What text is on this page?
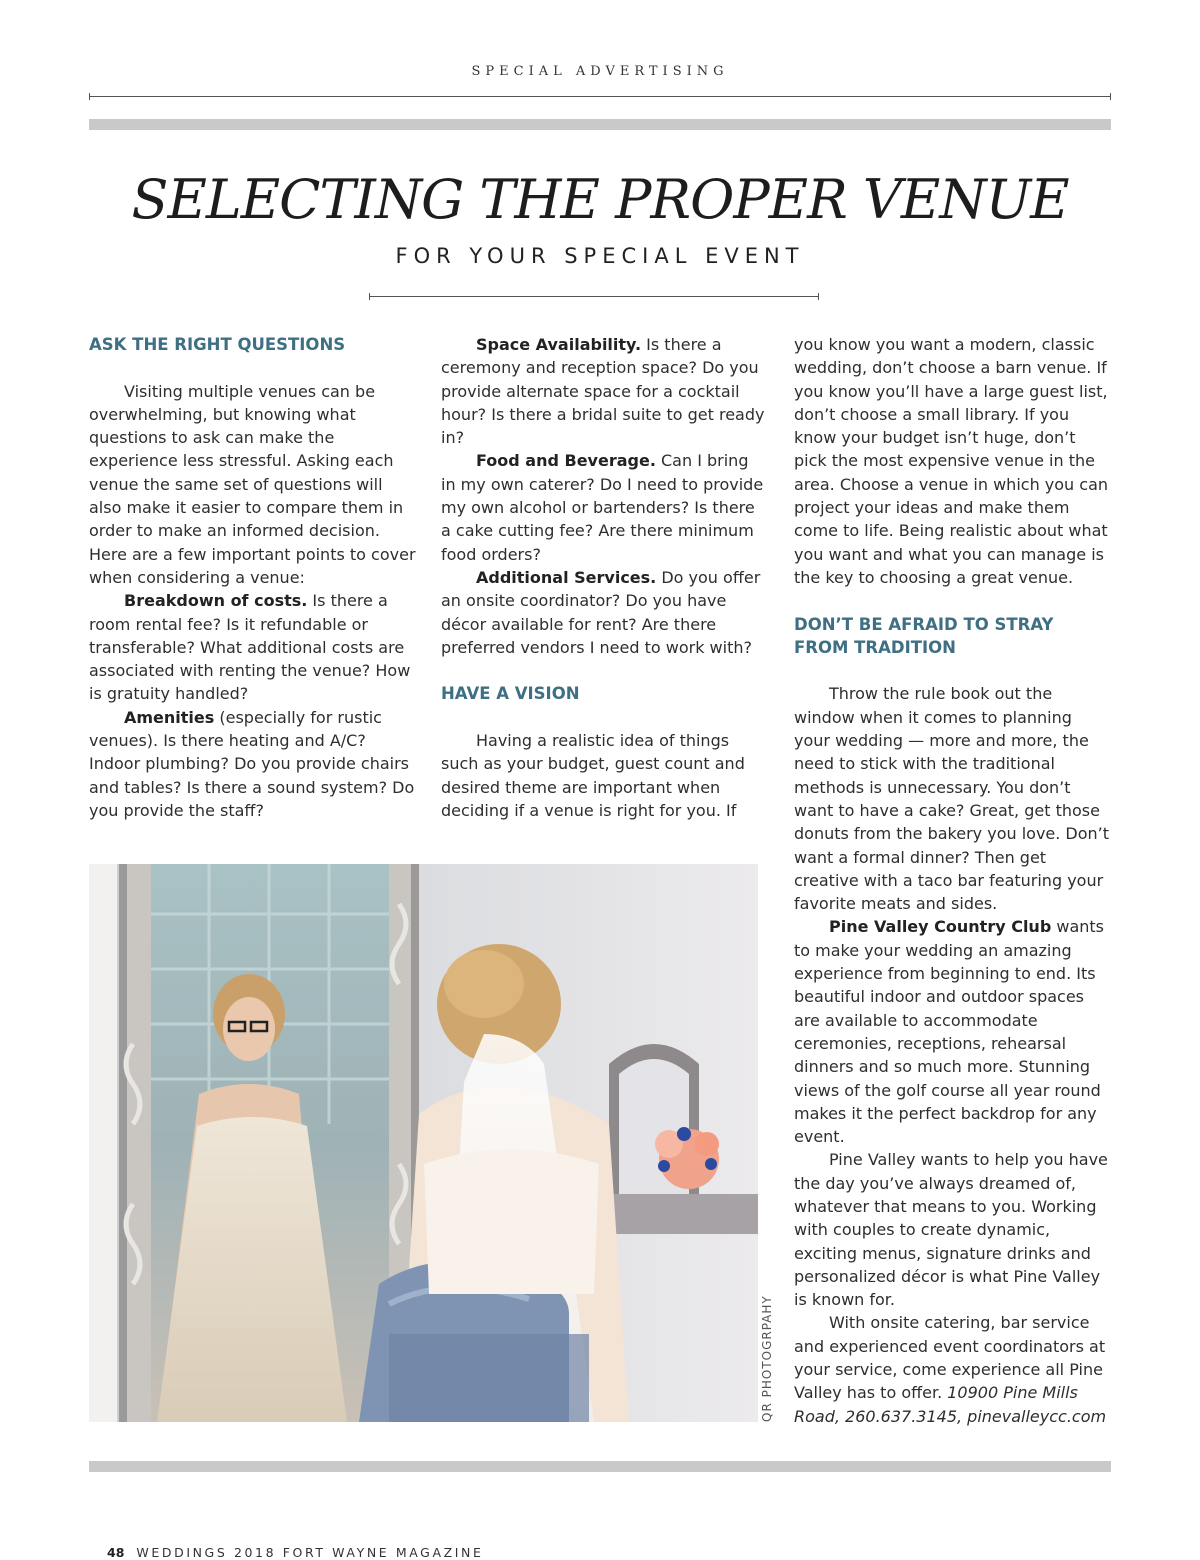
SPECIAL ADVERTISING
SELECTING THE PROPER VENUE
FOR YOUR SPECIAL EVENT
ASK THE RIGHT QUESTIONS

Visiting multiple venues can be overwhelming, but knowing what questions to ask can make the experience less stressful. Asking each venue the same set of questions will also make it easier to compare them in order to make an informed decision. Here are a few important points to cover when considering a venue:

Breakdown of costs. Is there a room rental fee? Is it refundable or transferable? What additional costs are associated with renting the venue? How is gratuity handled?

Amenities (especially for rustic venues). Is there heating and A/C? Indoor plumbing? Do you provide chairs and tables? Is there a sound system? Do you provide the staff?

Space Availability. Is there a ceremony and reception space? Do you provide alternate space for a cocktail hour? Is there a bridal suite to get ready in?

Food and Beverage. Can I bring in my own caterer? Do I need to provide my own alcohol or bartenders? Is there a cake cutting fee? Are there minimum food orders?

Additional Services. Do you offer an onsite coordinator? Do you have décor available for rent? Are there preferred vendors I need to work with?

HAVE A VISION

Having a realistic idea of things such as your budget, guest count and desired theme are important when deciding if a venue is right for you. If

you know you want a modern, classic wedding, don’t choose a barn venue. If you know you’ll have a large guest list, don’t choose a small library. If you know your budget isn’t huge, don’t pick the most expensive venue in the area. Choose a venue in which you can project your ideas and make them come to life. Being realistic about what you want and what you can manage is the key to choosing a great venue.

DON’T BE AFRAID TO STRAY FROM TRADITION

Throw the rule book out the window when it comes to planning your wedding — more and more, the need to stick with the traditional methods is unnecessary. You don’t want to have a cake? Great, get those donuts from the bakery you love. Don’t want a formal dinner? Then get creative with a taco bar featuring your favorite meats and sides.

Pine Valley Country Club wants to make your wedding an amazing experience from beginning to end. Its beautiful indoor and outdoor spaces are available to accommodate ceremonies, receptions, rehearsal dinners and so much more. Stunning views of the golf course all year round makes it the perfect backdrop for any event.

Pine Valley wants to help you have the day you’ve always dreamed of, whatever that means to you. Working with couples to create dynamic, exciting menus, signature drinks and personalized décor is what Pine Valley is known for.

With onsite catering, bar service and experienced event coordinators at your service, come experience all Pine Valley has to offer. 10900 Pine Mills Road, 260.637.3145, pinevalleycc.com

QR PHOTOGRPAHY
48 WEDDINGS 2018 FORT WAYNE MAGAZINE
